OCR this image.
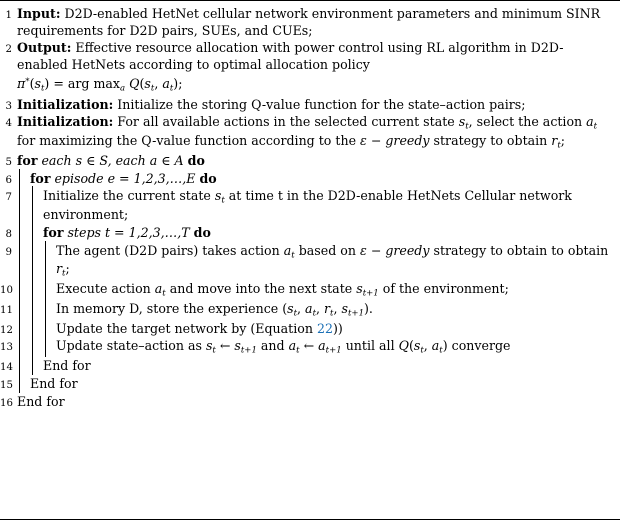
1 Input: D2D-enabled HetNet cellular network environment parameters and minimum SINR requirements for D2D pairs, SUEs, and CUEs;
2 Output: Effective resource allocation with power control using RL algorithm in D2D-enabled HetNets according to optimal allocation policy
$\pi^*(s_t)$ = arg $\max_a Q(s_t$, $a_t$);
3 Initialization: Initialize the storing Q-value function for the state–action pairs;
4 Initialization: For all available actions in the selected current state $s_t$, select the action $a_t$ for maximizing the Q-value function according to the ε − greedy strategy to obtain $r_t$;
5 for each s ∈ S, each a ∈ A do
6	for episode e = 1,2,3,…,E do
7	Initialize the current state $s_t$ at time t in the D2D-enable HetNets Cellular network environment;
8	for steps t = 1,2,3,…,T do
9	The agent (D2D pairs) takes action $a_t$ based on ε − greedy strategy to obtain to obtain $r_t$;
10	Execute action $a_t$ and move into the next state $s_{t+1}$ of the environment;
11	In memory D, store the experience ($s_t$, $a_t$, $r_t$, $s_{t+1}$).
12	Update the target network by (Equation 22))
13	Update state–action as $s_t$ ← $s_{t+1}$ and $a_t$ ← $a_{t+1}$ until all $Q(s_t$, $a_t$) converge
14	End for
15	End for
16 End for
